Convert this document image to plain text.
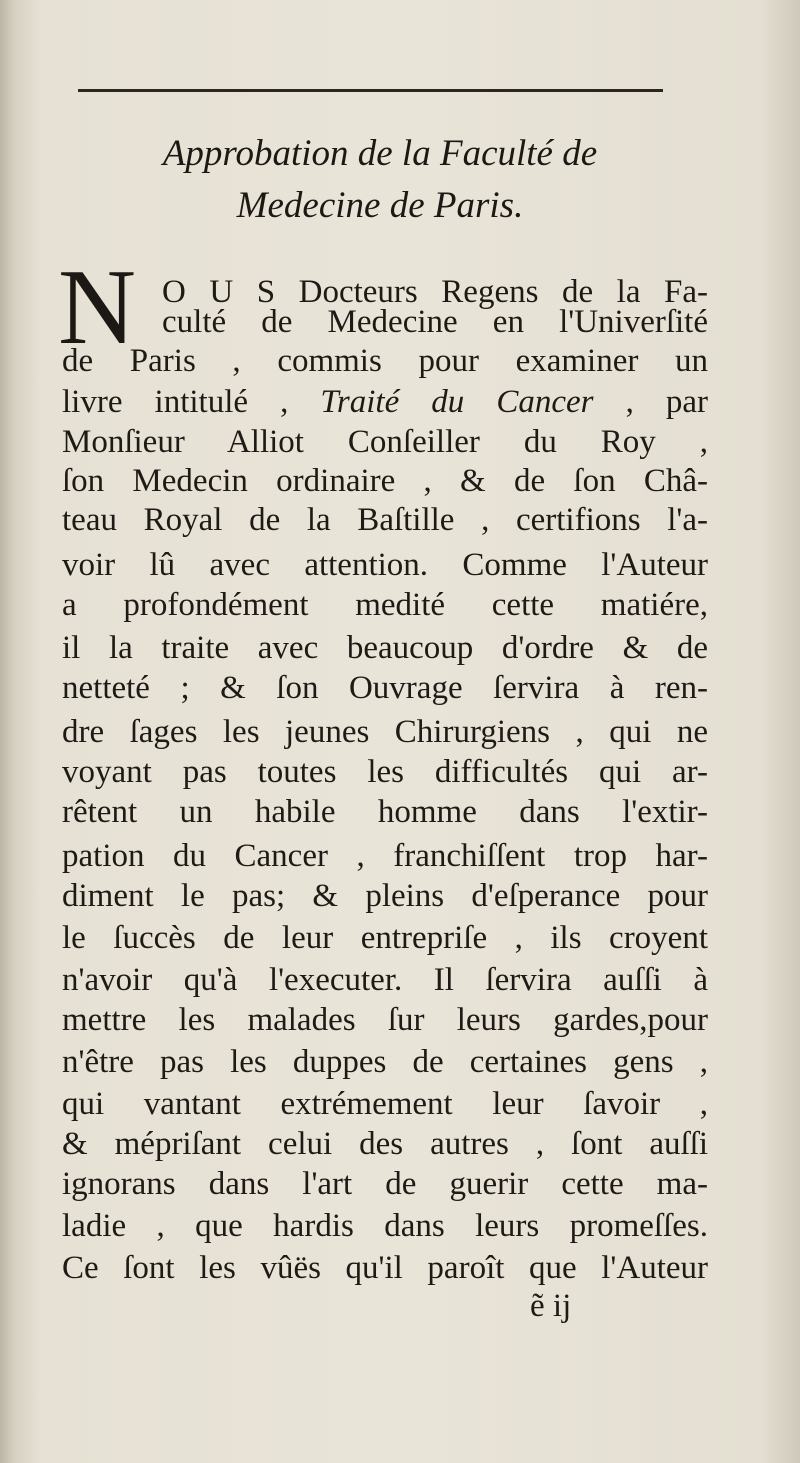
Approbation de la Faculté de
Medecine de Paris.
N O U S Docteurs Regens de la Fa-
culté de Medecine en l'Univerſité
de Paris , commis pour examiner un
livre intitulé , Traité du Cancer , par
Monſieur Alliot Conſeiller du Roy ,
ſon Medecin ordinaire , & de ſon Châ-
teau Royal de la Baſtille , certifions l'a-
voir lû avec attention. Comme l'Auteur
a profondément medité cette matiére,
il la traite avec beaucoup d'ordre & de
netteté ; & ſon Ouvrage ſervira à ren-
dre ſages les jeunes Chirurgiens , qui ne
voyant pas toutes les difficultés qui ar-
rêtent un habile homme dans l'extir-
pation du Cancer , franchiſſent trop har-
diment le pas; & pleins d'eſperance pour
le ſuccès de leur entrepriſe , ils croyent
n'avoir qu'à l'executer. Il ſervira auſſi à
mettre les malades ſur leurs gardes,pour
n'être pas les duppes de certaines gens ,
qui vantant extrémement leur ſavoir ,
& mépriſant celui des autres , ſont auſſi
ignorans dans l'art de guerir cette ma-
ladie , que hardis dans leurs promeſſes.
Ce ſont les vûës qu'il paroît que l'Auteur
ẽ ij
